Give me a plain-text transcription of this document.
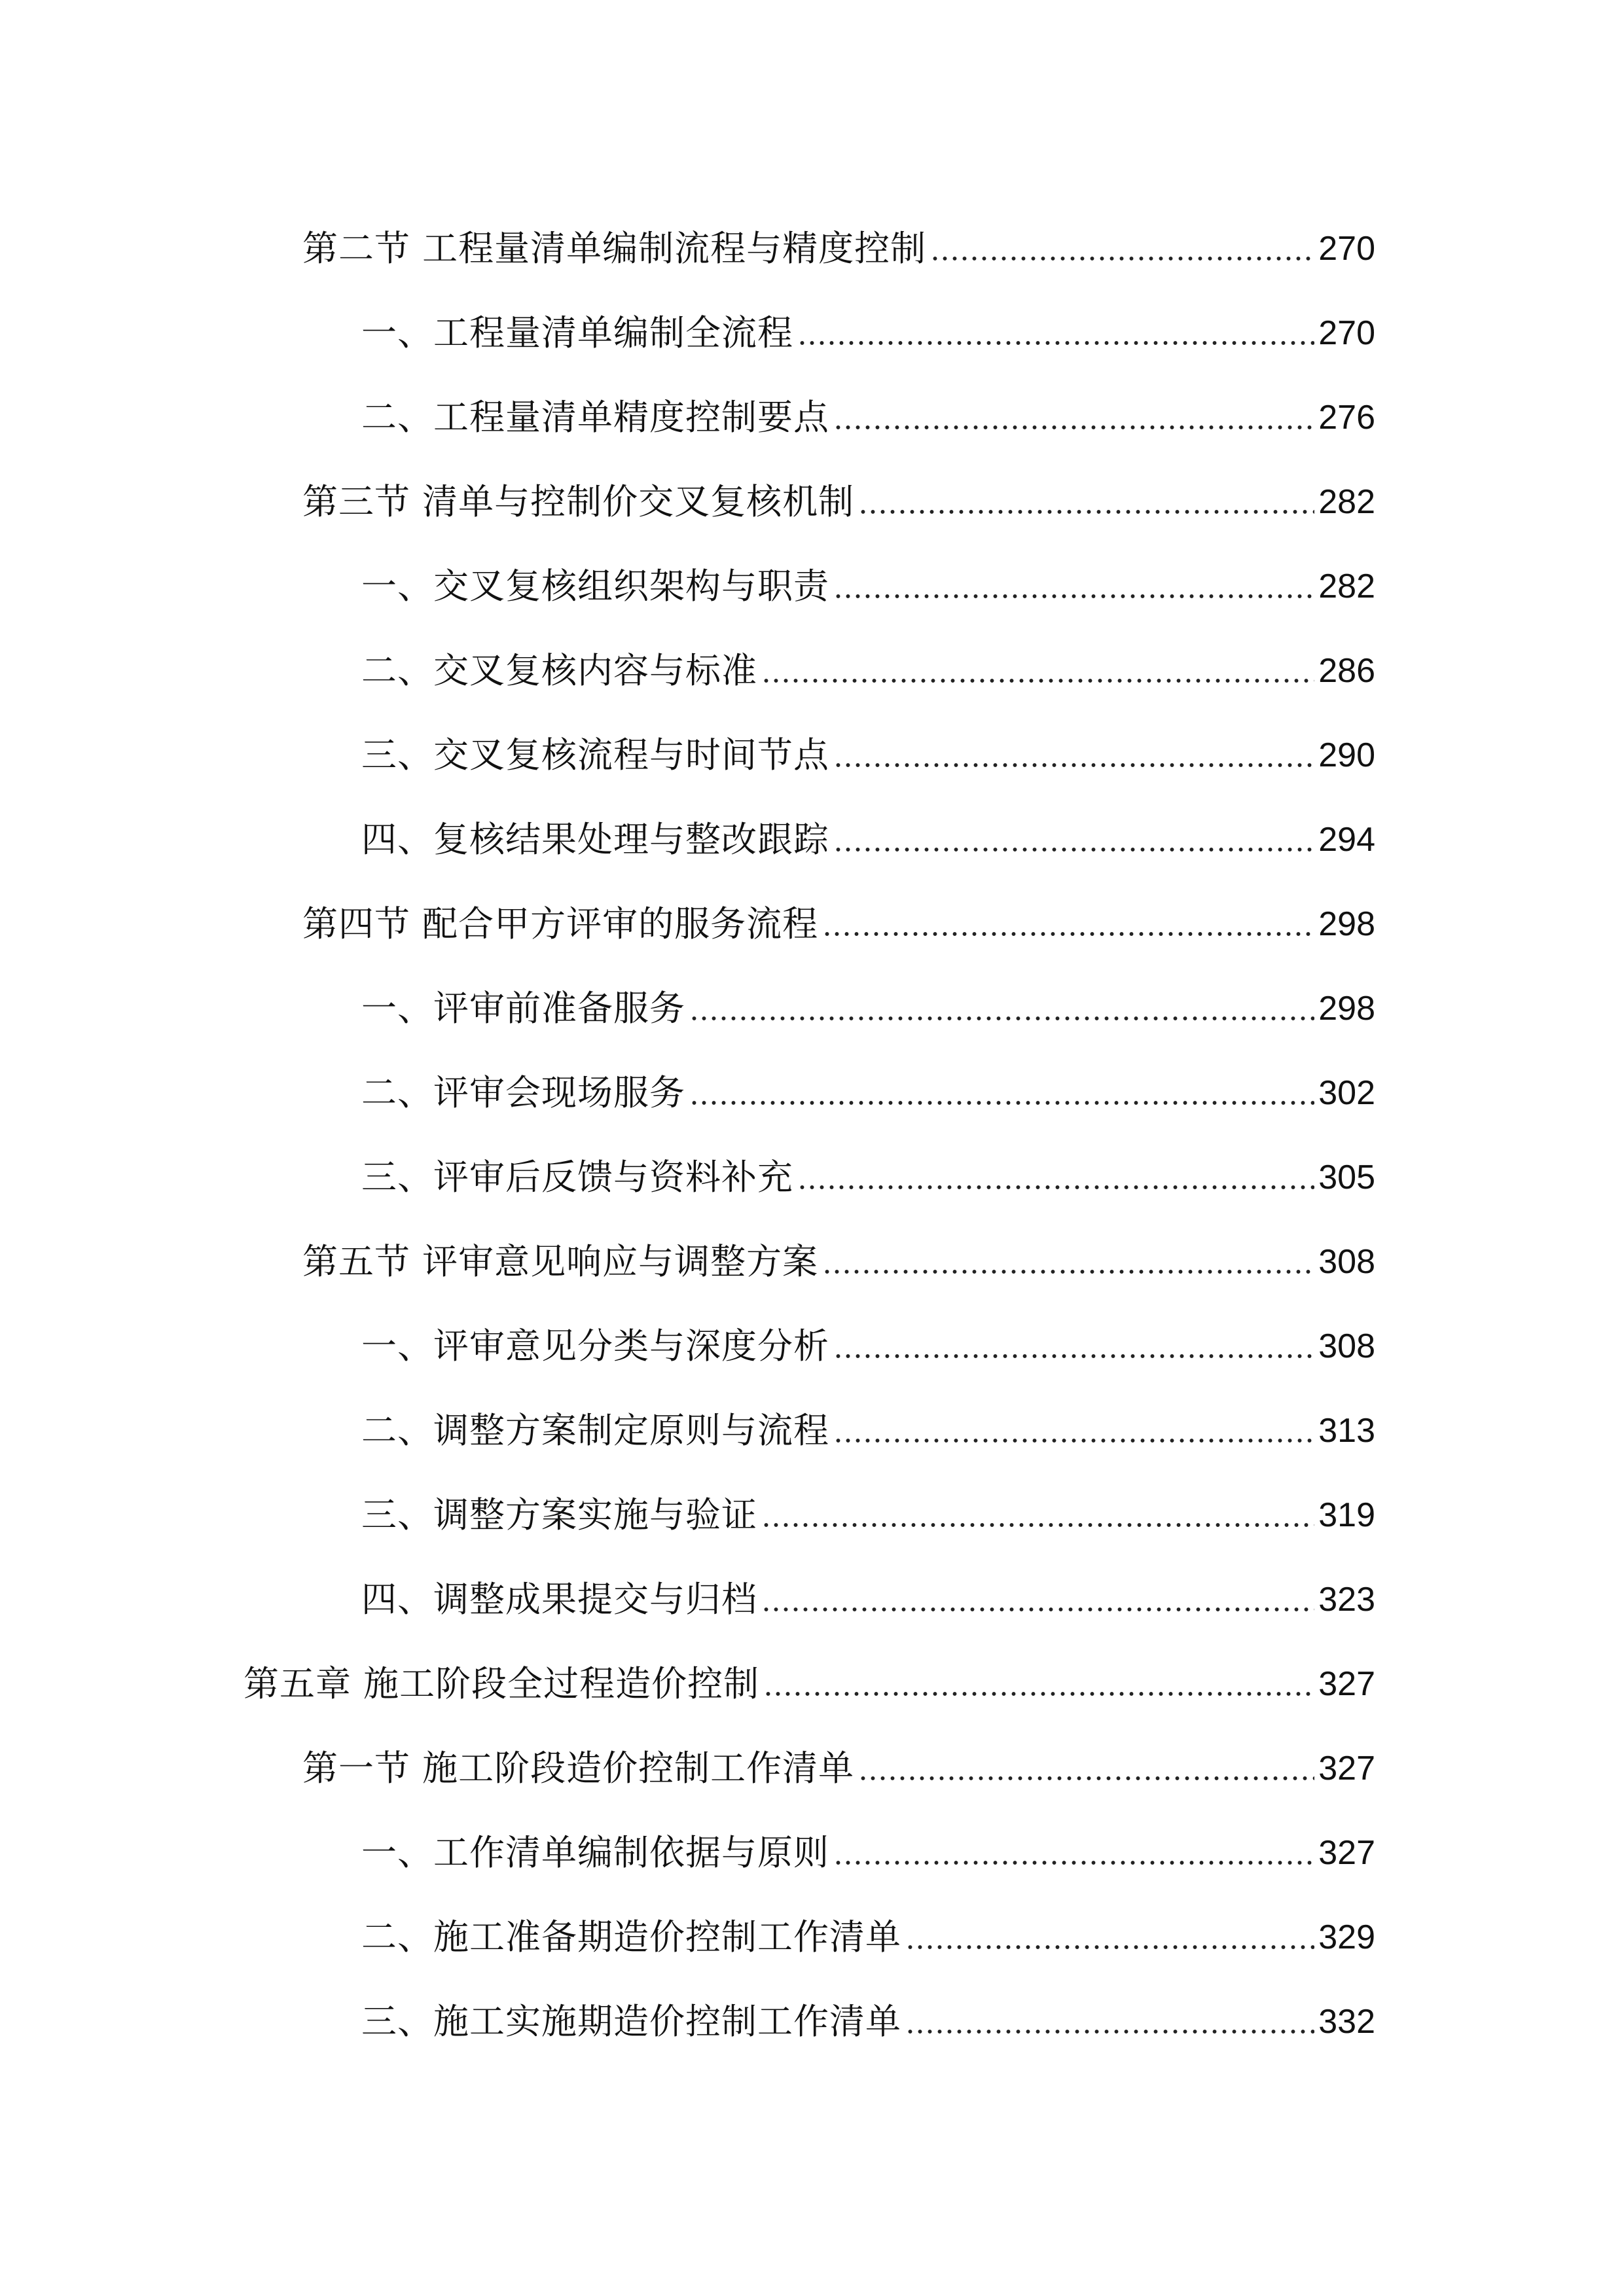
第二节 工程量清单编制流程与精度控制	270
一、工程量清单编制全流程	270
二、工程量清单精度控制要点	276
第三节 清单与控制价交叉复核机制	282
一、交叉复核组织架构与职责	282
二、交叉复核内容与标准	286
三、交叉复核流程与时间节点	290
四、复核结果处理与整改跟踪	294
第四节 配合甲方评审的服务流程	298
一、评审前准备服务	298
二、评审会现场服务	302
三、评审后反馈与资料补充	305
第五节 评审意见响应与调整方案	308
一、评审意见分类与深度分析	308
二、调整方案制定原则与流程	313
三、调整方案实施与验证	319
四、调整成果提交与归档	323
第五章 施工阶段全过程造价控制	327
第一节 施工阶段造价控制工作清单	327
一、工作清单编制依据与原则	327
二、施工准备期造价控制工作清单	329
三、施工实施期造价控制工作清单	332
